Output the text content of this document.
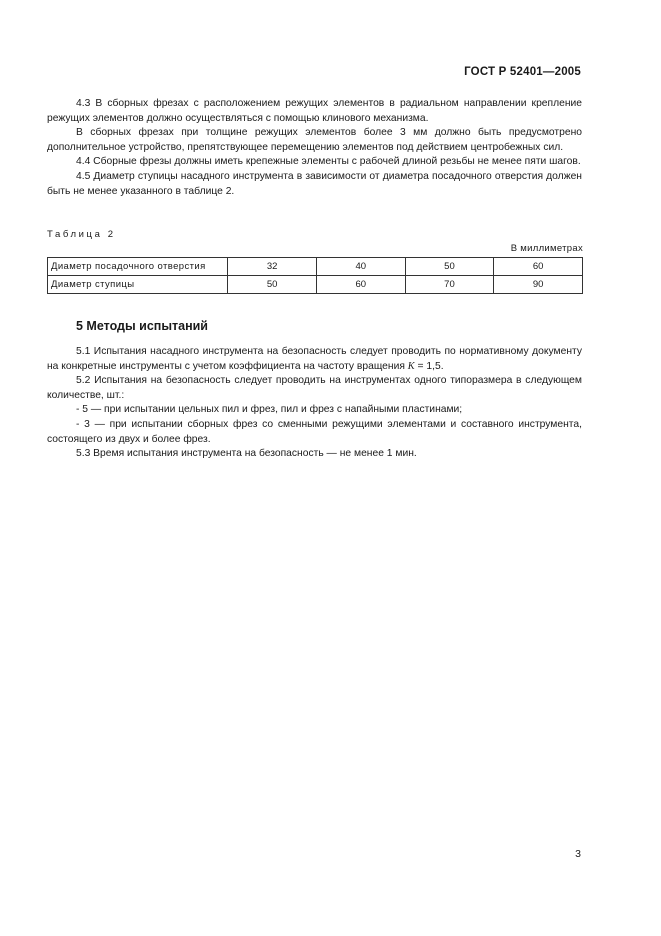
ГОСТ Р 52401—2005

4.3 В сборных фрезах с расположением режущих элементов в радиальном направлении крепление режущих элементов должно осуществляться с помощью клинового механизма.

В сборных фрезах при толщине режущих элементов более 3 мм должно быть предусмотрено дополнительное устройство, препятствующее перемещению элементов под действием центробежных сил.

4.4 Сборные фрезы должны иметь крепежные элементы с рабочей длиной резьбы не менее пяти шагов.

4.5 Диаметр ступицы насадного инструмента в зависимости от диаметра посадочного отверстия должен быть не менее указанного в таблице 2.

Таблица 2
В миллиметрах
Диаметр посадочного отверстия	32	40	50	60
Диаметр ступицы	50	60	70	90
5 Методы испытаний

5.1 Испытания насадного инструмента на безопасность следует проводить по нормативному документу на конкретные инструменты с учетом коэффициента на частоту вращения K = 1,5.

5.2 Испытания на безопасность следует проводить на инструментах одного типоразмера в следующем количестве, шт.:

- 5 — при испытании цельных пил и фрез, пил и фрез с напайными пластинами;

- 3 — при испытании сборных фрез со сменными режущими элементами и составного инструмента, состоящего из двух и более фрез.

5.3 Время испытания инструмента на безопасность — не менее 1 мин.

3
